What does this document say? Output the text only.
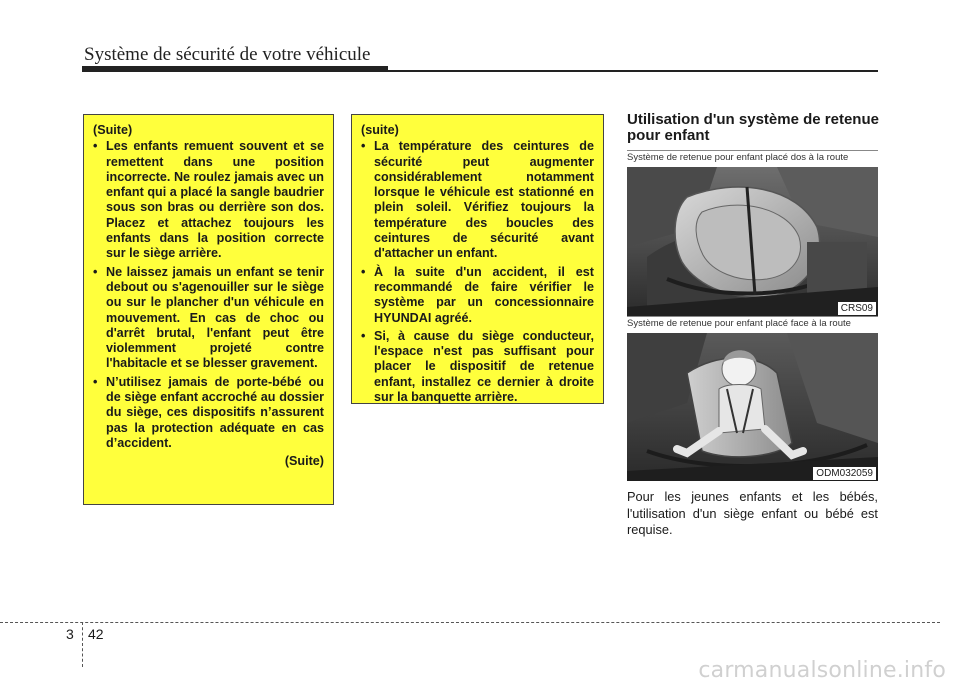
Système de sécurité de votre véhicule
(Suite)
• Les enfants remuent souvent et se remettent dans une position incorrecte. Ne roulez jamais avec un enfant qui a placé la sangle baudrier sous son bras ou derrière son dos. Placez et attachez toujours les enfants dans la position correcte sur le siège arrière.
• Ne laissez jamais un enfant se tenir debout ou s'agenouiller sur le siège ou sur le plancher d'un véhicule en mouvement. En cas de choc ou d'arrêt brutal, l'enfant peut être violemment projeté contre l'habitacle et se blesser gravement.
• N’utilisez jamais de porte-bébé ou de siège enfant accroché au dossier du siège, ces dispositifs n’assurent pas la protection adéquate en cas d’accident.
(Suite)
(suite)
• La température des ceintures de sécurité peut augmenter considérablement notamment lorsque le véhicule est stationné en plein soleil. Vérifiez toujours la température des boucles des ceintures de sécurité avant d'attacher un enfant.
• À la suite d'un accident, il est recommandé de faire vérifier le système par un concessionnaire HYUNDAI agréé.
• Si, à cause du siège conducteur, l'espace n'est pas suffisant pour placer le dispositif de retenue enfant, installez ce dernier à droite sur la banquette arrière.
Utilisation d'un système de retenue pour enfant
Système de retenue pour enfant placé dos à la route
CRS09
Système de retenue pour enfant placé face à la route
ODM032059
Pour les jeunes enfants et les bébés, l'utilisation d'un siège enfant ou bébé est requise.
3 42
carmanualsonline.info
